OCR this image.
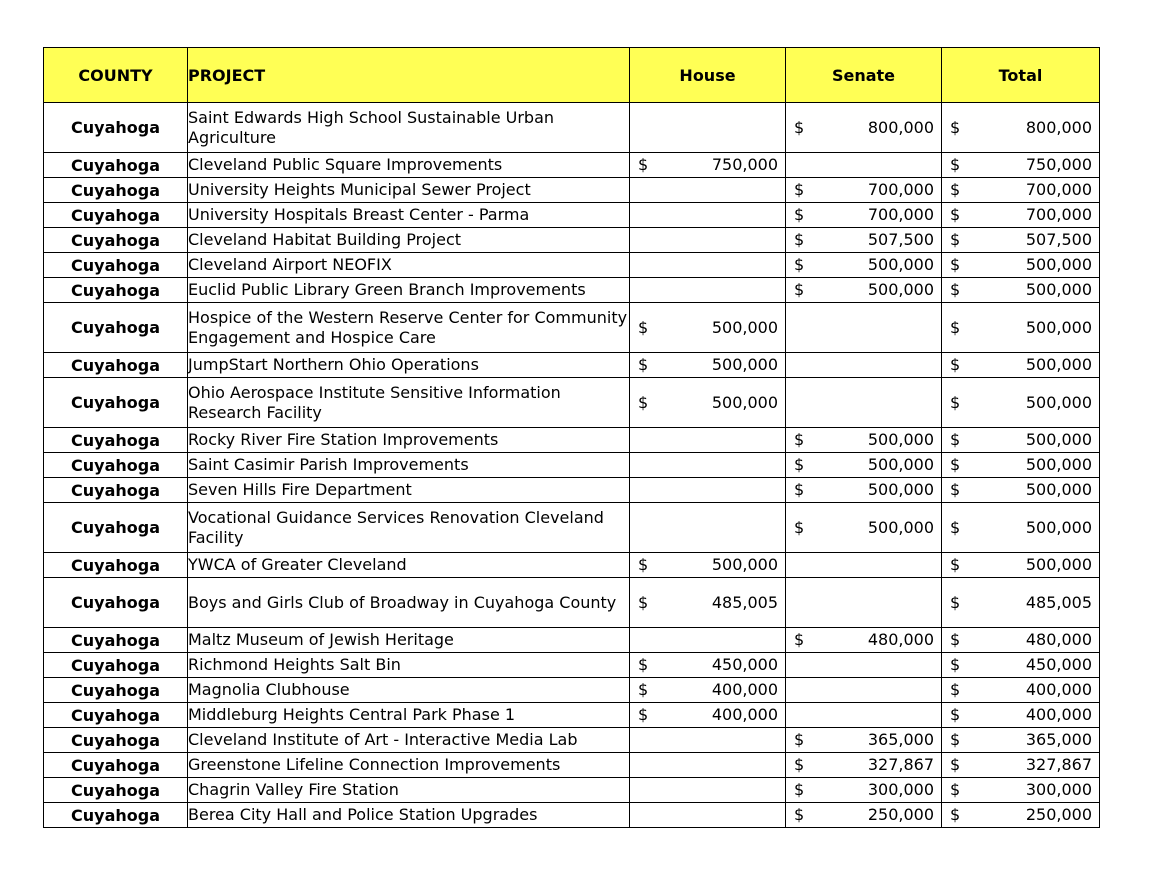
COUNTY	PROJECT	House	Senate	Total
Cuyahoga	Saint Edwards High School Sustainable Urban Agriculture		$ 800,000	$ 800,000

Cuyahoga	Cleveland Public Square Improvements	$ 750,000		$ 750,000

Cuyahoga	University Heights Municipal Sewer Project		$ 700,000	$ 700,000

Cuyahoga	University Hospitals Breast Center - Parma		$ 700,000	$ 700,000

Cuyahoga	Cleveland Habitat Building Project		$ 507,500	$ 507,500

Cuyahoga	Cleveland Airport NEOFIX		$ 500,000	$ 500,000

Cuyahoga	Euclid Public Library Green Branch Improvements		$ 500,000	$ 500,000

Cuyahoga	Hospice of the Western Reserve Center for Community Engagement and Hospice Care	$ 500,000		$ 500,000

Cuyahoga	JumpStart Northern Ohio Operations	$ 500,000		$ 500,000

Cuyahoga	Ohio Aerospace Institute Sensitive Information Research Facility	$ 500,000		$ 500,000

Cuyahoga	Rocky River Fire Station Improvements		$ 500,000	$ 500,000

Cuyahoga	Saint Casimir Parish Improvements		$ 500,000	$ 500,000

Cuyahoga	Seven Hills Fire Department		$ 500,000	$ 500,000

Cuyahoga	Vocational Guidance Services Renovation Cleveland Facility		$ 500,000	$ 500,000

Cuyahoga	YWCA of Greater Cleveland	$ 500,000		$ 500,000

Cuyahoga	Boys and Girls Club of Broadway in Cuyahoga County	$ 485,005		$ 485,005

Cuyahoga	Maltz Museum of Jewish Heritage		$ 480,000	$ 480,000

Cuyahoga	Richmond Heights Salt Bin	$ 450,000		$ 450,000

Cuyahoga	Magnolia Clubhouse	$ 400,000		$ 400,000

Cuyahoga	Middleburg Heights Central Park Phase 1	$ 400,000		$ 400,000

Cuyahoga	Cleveland Institute of Art - Interactive Media Lab		$ 365,000	$ 365,000

Cuyahoga	Greenstone Lifeline Connection Improvements		$ 327,867	$ 327,867

Cuyahoga	Chagrin Valley Fire Station		$ 300,000	$ 300,000

Cuyahoga	Berea City Hall and Police Station Upgrades		$ 250,000	$ 250,000
